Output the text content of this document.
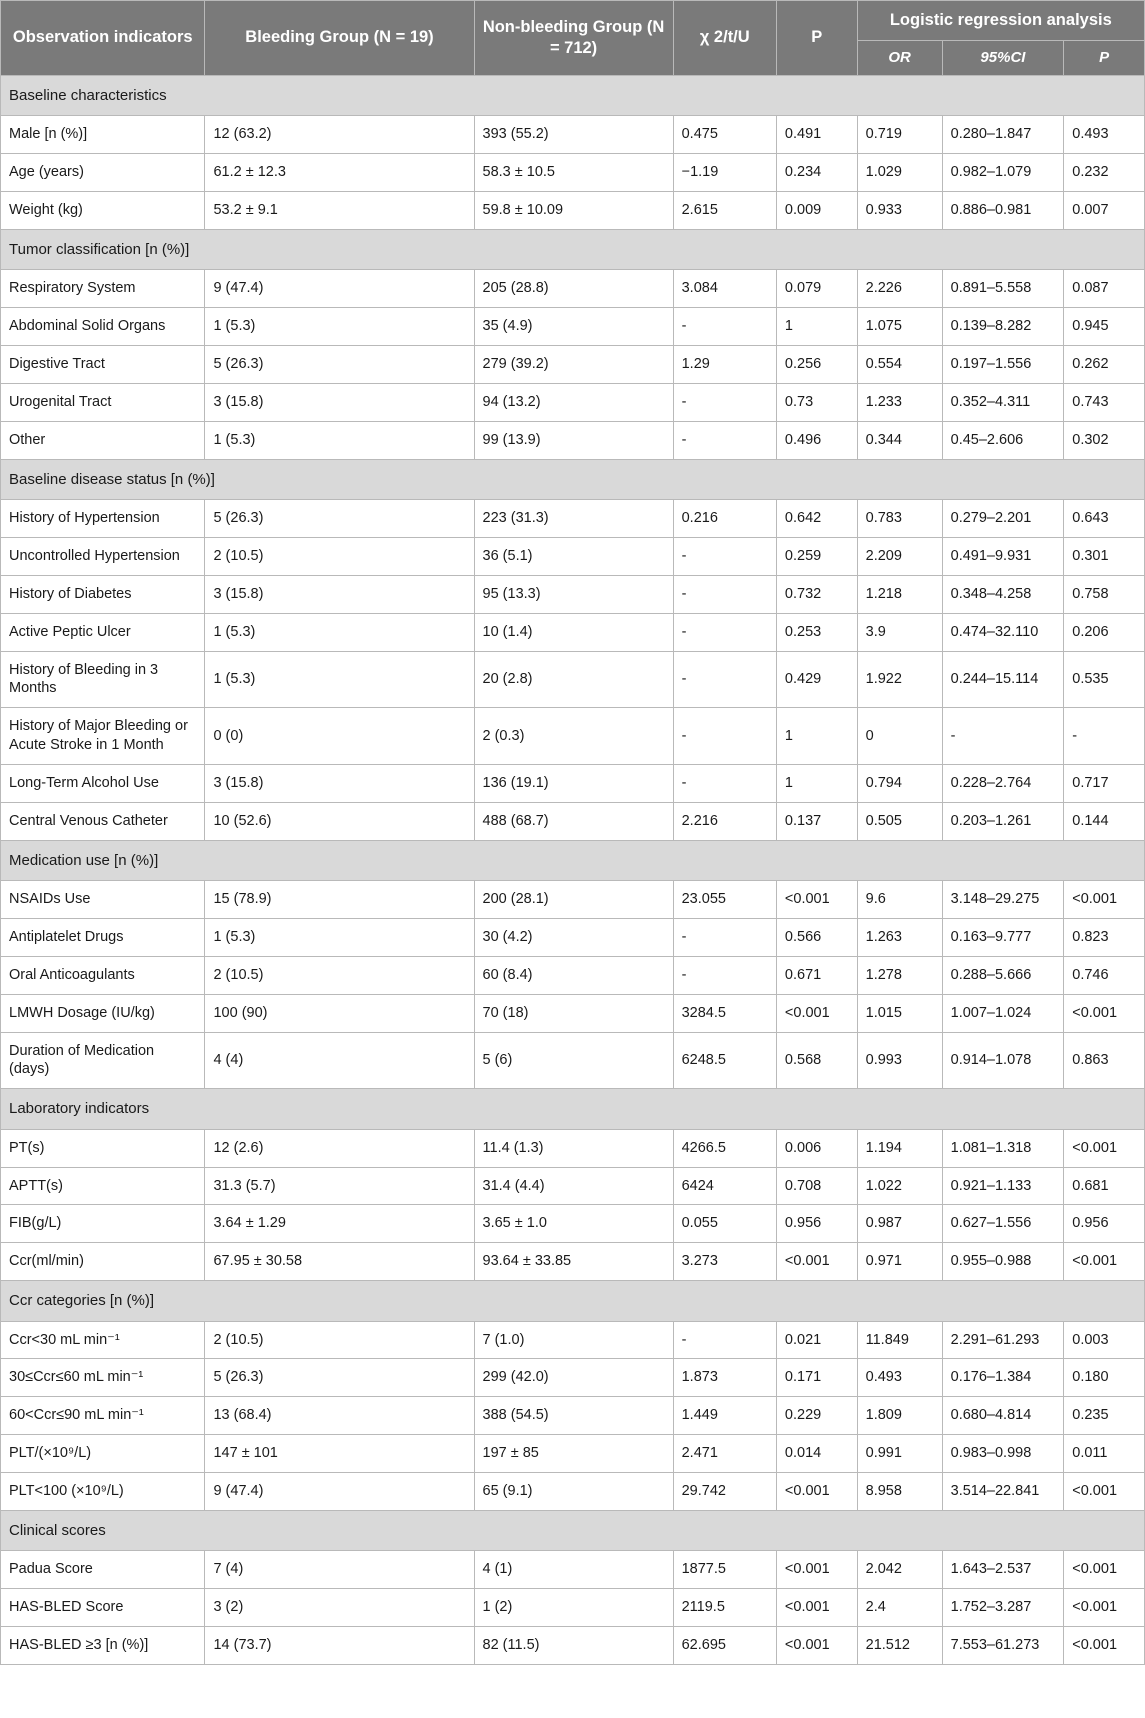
Observation indicators	Bleeding Group (N = 19)	Non-bleeding Group (N = 712)	χ 2/t/U	P	Logistic regression analysis		
					OR	95%CI	P
Baseline characteristics							
Male [n (%)]	12 (63.2)	393 (55.2)	0.475	0.491	0.719	0.280–1.847	0.493
Age (years)	61.2 ± 12.3	58.3 ± 10.5	−1.19	0.234	1.029	0.982–1.079	0.232
Weight (kg)	53.2 ± 9.1	59.8 ± 10.09	2.615	0.009	0.933	0.886–0.981	0.007
Tumor classification [n (%)]							
Respiratory System	9 (47.4)	205 (28.8)	3.084	0.079	2.226	0.891–5.558	0.087
Abdominal Solid Organs	1 (5.3)	35 (4.9)	-	1	1.075	0.139–8.282	0.945
Digestive Tract	5 (26.3)	279 (39.2)	1.29	0.256	0.554	0.197–1.556	0.262
Urogenital Tract	3 (15.8)	94 (13.2)	-	0.73	1.233	0.352–4.311	0.743
Other	1 (5.3)	99 (13.9)	-	0.496	0.344	0.45–2.606	0.302
Baseline disease status [n (%)]							
History of Hypertension	5 (26.3)	223 (31.3)	0.216	0.642	0.783	0.279–2.201	0.643
Uncontrolled Hypertension	2 (10.5)	36 (5.1)	-	0.259	2.209	0.491–9.931	0.301
History of Diabetes	3 (15.8)	95 (13.3)	-	0.732	1.218	0.348–4.258	0.758
Active Peptic Ulcer	1 (5.3)	10 (1.4)	-	0.253	3.9	0.474–32.110	0.206
History of Bleeding in 3 Months	1 (5.3)	20 (2.8)	-	0.429	1.922	0.244–15.114	0.535
History of Major Bleeding or Acute Stroke in 1 Month	0 (0)	2 (0.3)	-	1	0	-	-
Long-Term Alcohol Use	3 (15.8)	136 (19.1)	-	1	0.794	0.228–2.764	0.717
Central Venous Catheter	10 (52.6)	488 (68.7)	2.216	0.137	0.505	0.203–1.261	0.144
Medication use [n (%)]							
NSAIDs Use	15 (78.9)	200 (28.1)	23.055	<0.001	9.6	3.148–29.275	<0.001
Antiplatelet Drugs	1 (5.3)	30 (4.2)	-	0.566	1.263	0.163–9.777	0.823
Oral Anticoagulants	2 (10.5)	60 (8.4)	-	0.671	1.278	0.288–5.666	0.746
LMWH Dosage (IU/kg)	100 (90)	70 (18)	3284.5	<0.001	1.015	1.007–1.024	<0.001
Duration of Medication (days)	4 (4)	5 (6)	6248.5	0.568	0.993	0.914–1.078	0.863
Laboratory indicators							
PT(s)	12 (2.6)	11.4 (1.3)	4266.5	0.006	1.194	1.081–1.318	<0.001
APTT(s)	31.3 (5.7)	31.4 (4.4)	6424	0.708	1.022	0.921–1.133	0.681
FIB(g/L)	3.64 ± 1.29	3.65 ± 1.0	0.055	0.956	0.987	0.627–1.556	0.956
Ccr(ml/min)	67.95 ± 30.58	93.64 ± 33.85	3.273	<0.001	0.971	0.955–0.988	<0.001
Ccr categories [n (%)]							
Ccr<30 mL min⁻¹	2 (10.5)	7 (1.0)	-	0.021	11.849	2.291–61.293	0.003
30≤Ccr≤60 mL min⁻¹	5 (26.3)	299 (42.0)	1.873	0.171	0.493	0.176–1.384	0.180
60<Ccr≤90 mL min⁻¹	13 (68.4)	388 (54.5)	1.449	0.229	1.809	0.680–4.814	0.235
PLT/(×10⁹/L)	147 ± 101	197 ± 85	2.471	0.014	0.991	0.983–0.998	0.011
PLT<100 (×10⁹/L)	9 (47.4)	65 (9.1)	29.742	<0.001	8.958	3.514–22.841	<0.001
Clinical scores							
Padua Score	7 (4)	4 (1)	1877.5	<0.001	2.042	1.643–2.537	<0.001
HAS-BLED Score	3 (2)	1 (2)	2119.5	<0.001	2.4	1.752–3.287	<0.001
HAS-BLED ≥3 [n (%)]	14 (73.7)	82 (11.5)	62.695	<0.001	21.512	7.553–61.273	<0.001
